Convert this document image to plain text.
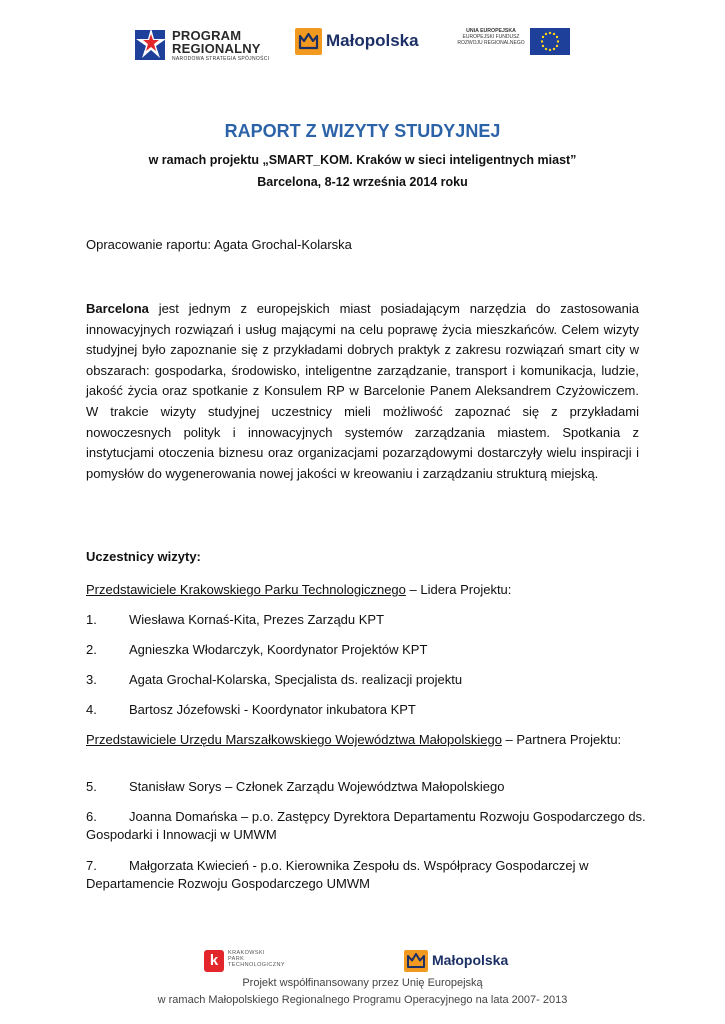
PROGRAM
REGIONALNY
NARODOWA STRATEGIA SPÓJNOŚCI
Małopolska	UNIA EUROPEJSKA
EUROPEJSKI FUNDUSZ
ROZWOJU REGIONALNEGO
RAPORT Z WIZYTY STUDYJNEJ
w ramach projektu „SMART_KOM. Kraków w sieci inteligentnych miast”
Barcelona, 8-12 września 2014 roku
Opracowanie raportu: Agata Grochal-Kolarska
Barcelona jest jednym z europejskich miast posiadającym narzędzia do zastosowania innowacyjnych rozwiązań i usług mającymi na celu poprawę życia mieszkańców. Celem wizyty studyjnej było zapoznanie się z przykładami dobrych praktyk z zakresu rozwiązań smart city w obszarach: gospodarka, środowisko, inteligentne zarządzanie, transport i komunikacja, ludzie, jakość życia oraz spotkanie z Konsulem RP w Barcelonie Panem Aleksandrem Czyżowiczem. W trakcie wizyty studyjnej uczestnicy mieli możliwość zapoznać się z przykładami nowoczesnych polityk i innowacyjnych systemów zarządzania miastem. Spotkania z instytucjami otoczenia biznesu oraz organizacjami pozarządowymi dostarczyły wielu inspiracji i pomysłów do wygenerowania nowej jakości w kreowaniu i zarządzaniu strukturą miejską.
Uczestnicy wizyty:
Przedstawiciele Krakowskiego Parku Technologicznego – Lidera Projektu:
1. Wiesława Kornaś-Kita, Prezes Zarządu KPT
2. Agnieszka Włodarczyk, Koordynator Projektów KPT
3. Agata Grochal-Kolarska, Specjalista ds. realizacji projektu
4. Bartosz Józefowski - Koordynator inkubatora KPT
Przedstawiciele Urzędu Marszałkowskiego Województwa Małopolskiego – Partnera Projektu:
5. Stanisław Sorys – Członek Zarządu Województwa Małopolskiego
6. Joanna Domańska – p.o. Zastępcy Dyrektora Departamentu Rozwoju Gospodarczego ds. Gospodarki i Innowacji w UMWM
7. Małgorzata Kwiecień - p.o. Kierownika Zespołu ds. Współpracy Gospodarczej w Departamencie Rozwoju Gospodarczego UMWM
k	KRAKOWSKI
PARK
TECHNOLOGICZNY	Małopolska
Projekt współfinansowany przez Unię Europejską
w ramach Małopolskiego Regionalnego Programu Operacyjnego na lata 2007- 2013
